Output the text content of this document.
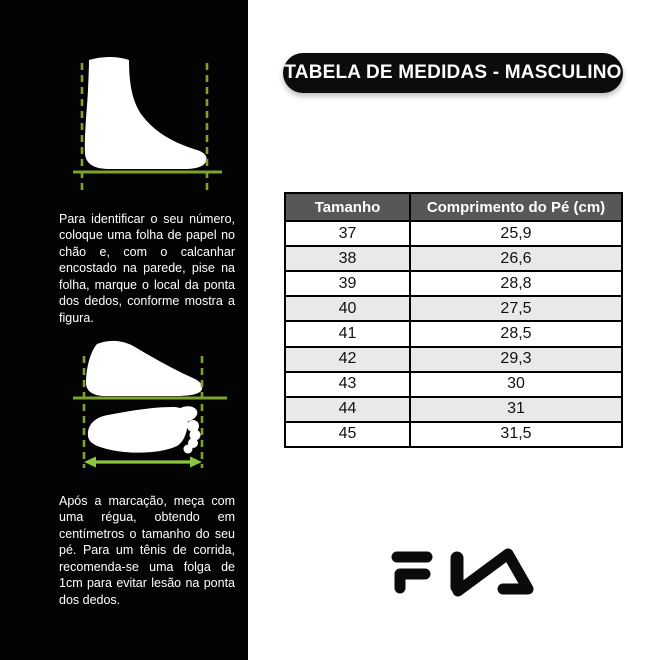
Para identificar o seu número, coloque uma folha de papel no chão e, com o calcanhar encostado na parede, pise na folha, marque o local da ponta dos dedos, conforme mostra a figura.

Após a marcação, meça com uma régua, obtendo em centímetros o tamanho do seu pé. Para um tênis de corrida, recomenda-se uma folga de 1cm para evitar lesão na ponta dos dedos.

TABELA DE MEDIDAS - MASCULINO
Tamanho	Comprimento do Pé (cm)
37	25,9
38	26,6
39	28,8
40	27,5
41	28,5
42	29,3
43	30
44	31
45	31,5
